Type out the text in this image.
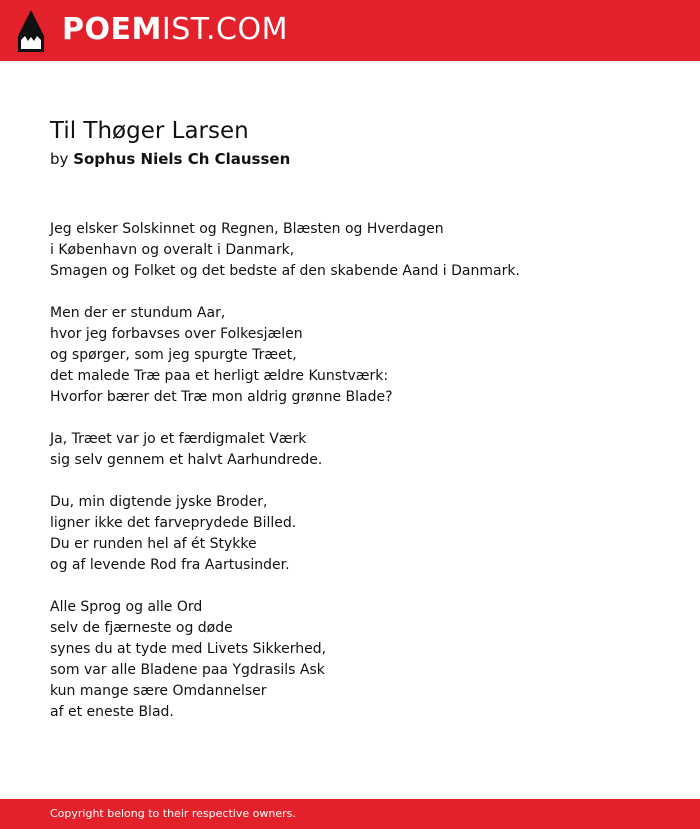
POEMIST.COM
Til Thøger Larsen
by Sophus Niels Ch Claussen
Jeg elsker Solskinnet og Regnen, Blæsten og Hverdagen
i København og overalt i Danmark,
Smagen og Folket og det bedste af den skabende Aand i Danmark.
Men der er stundum Aar,
hvor jeg forbavses over Folkesjælen
og spørger, som jeg spurgte Træet,
det malede Træ paa et herligt ældre Kunstværk:
Hvorfor bærer det Træ mon aldrig grønne Blade?
Ja, Træet var jo et færdigmalet Værk
sig selv gennem et halvt Aarhundrede.
Du, min digtende jyske Broder,
ligner ikke det farveprydede Billed.
Du er runden hel af ét Stykke
og af levende Rod fra Aartusinder.
Alle Sprog og alle Ord
selv de fjærneste og døde
synes du at tyde med Livets Sikkerhed,
som var alle Bladene paa Ygdrasils Ask
kun mange sære Omdannelser
af et eneste Blad.
Copyright belong to their respective owners.
